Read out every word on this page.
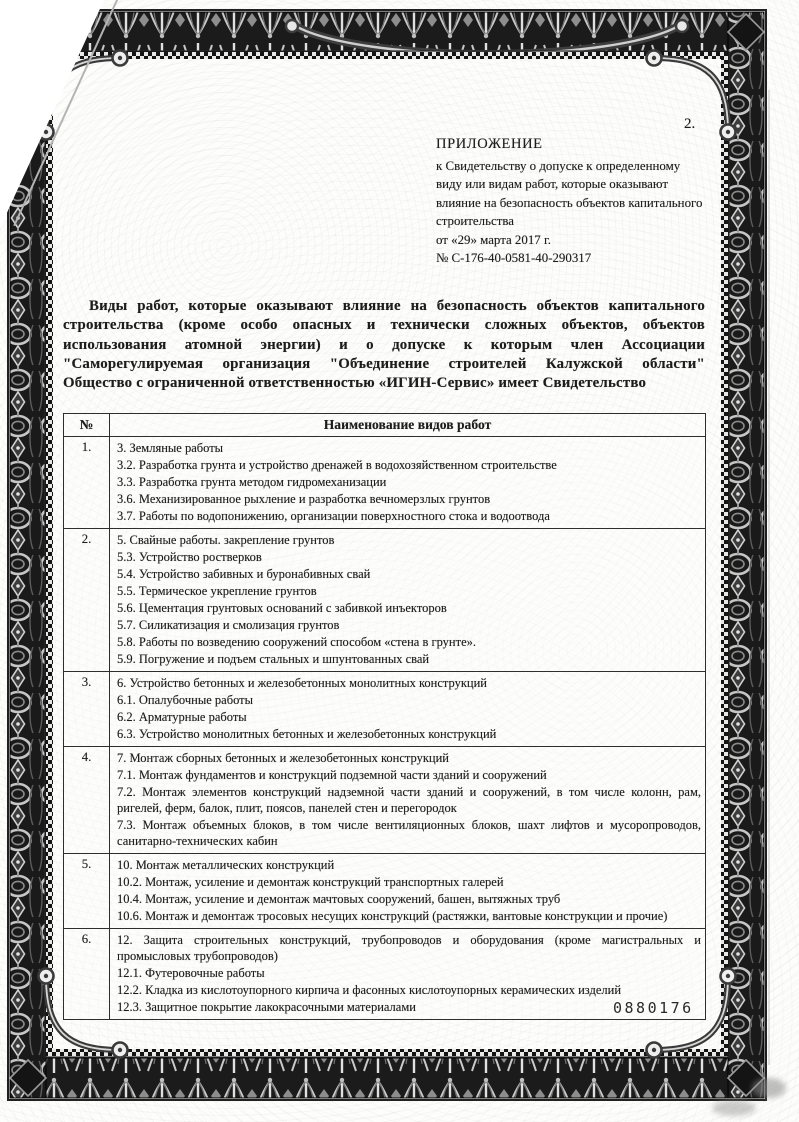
2.
ПРИЛОЖЕНИЕ
к Свидетельству о допуске к определенному
виду или видам работ, которые оказывают
влияние на безопасность объектов капитального
строительства
от «29» марта 2017 г.
№ С-176-40-0581-40-290317
Виды работ, которые оказывают влияние на безопасность объектов капитального
строительства (кроме особо опасных и технически сложных объектов, объектов
использования атомной энергии) и о допуске к которым член Ассоциации
"Саморегулируемая организация "Объединение строителей Калужской области"
Общество с ограниченной ответственностью «ИГИН-Сервис» имеет Свидетельство
№	Наименование видов работ
1.	3. Земляные работы
3.2. Разработка грунта и устройство дренажей в водохозяйственном строительстве
3.3. Разработка грунта методом гидромеханизации
3.6. Механизированное рыхление и разработка вечномерзлых грунтов
3.7. Работы по водопонижению, организации поверхностного стока и водоотвода

2.	5. Свайные работы. закрепление грунтов
5.3. Устройство ростверков
5.4. Устройство забивных и буронабивных свай
5.5. Термическое укрепление грунтов
5.6. Цементация грунтовых оснований с забивкой инъекторов
5.7. Силикатизация и смолизация грунтов
5.8. Работы по возведению сооружений способом «стена в грунте».
5.9. Погружение и подъем стальных и шпунтованных свай

3.	6. Устройство бетонных и железобетонных монолитных конструкций
6.1. Опалубочные работы
6.2. Арматурные работы
6.3. Устройство монолитных бетонных и железобетонных конструкций

4.	7. Монтаж сборных бетонных и железобетонных конструкций
7.1. Монтаж фундаментов и конструкций подземной части зданий и сооружений
7.2. Монтаж элементов конструкций надземной части зданий и сооружений, в том числе колонн, рам, ригелей, ферм, балок, плит, поясов, панелей стен и перегородок
7.3. Монтаж объемных блоков, в том числе вентиляционных блоков, шахт лифтов и мусоропроводов, санитарно-технических кабин

5.	10. Монтаж металлических конструкций
10.2. Монтаж, усиление и демонтаж конструкций транспортных галерей
10.4. Монтаж, усиление и демонтаж мачтовых сооружений, башен, вытяжных труб
10.6. Монтаж и демонтаж тросовых несущих конструкций (растяжки, вантовые конструкции и прочие)

6.	12. Защита строительных конструкций, трубопроводов и оборудования (кроме магистральных и промысловых трубопроводов)
12.1. Футеровочные работы
12.2. Кладка из кислотоупорного кирпича и фасонных кислотоупорных керамических изделий
12.3. Защитное покрытие лакокрасочными материалами	0880176
